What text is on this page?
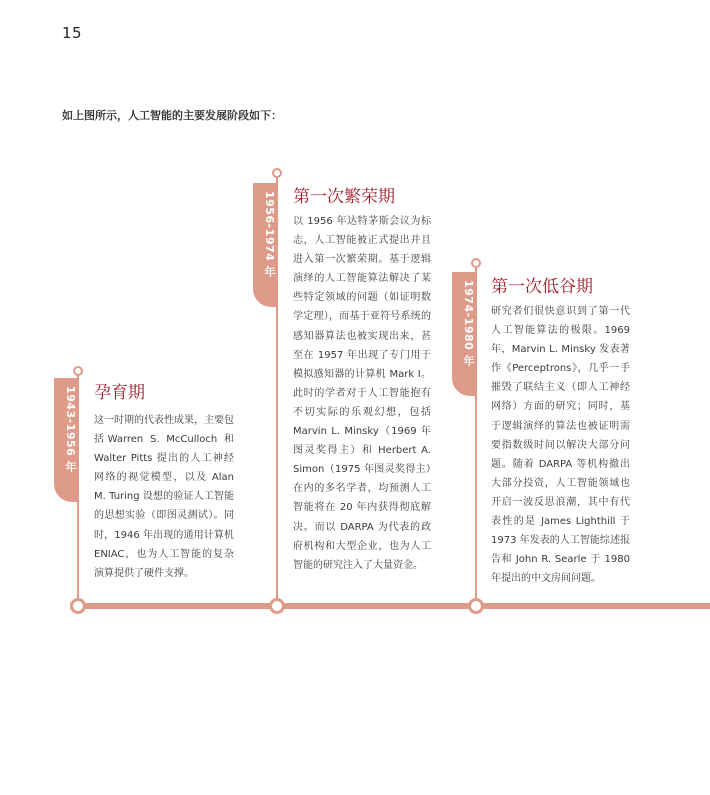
15
如上图所示，人工智能的主要发展阶段如下：
1943-1956 年 孕育期
这一时期的代表性成果，主要包括Warren S. McCulloch 和 Walter Pitts 提出的人工神经网络的视觉模型，以及 Alan M. Turing 设想的验证人工智能的思想实验（即图灵测试）。同时，1946 年出现的通用计算机 ENIAC，也为人工智能的复杂演算提供了硬件支撑。
1956-1974 年 第一次繁荣期
以 1956 年达特茅斯会议为标志，人工智能被正式提出并且进入第一次繁荣期。基于逻辑演绎的人工智能算法解决了某些特定领域的问题（如证明数学定理），而基于亚符号系统的感知器算法也被实现出来，甚至在 1957 年出现了专门用于模拟感知器的计算机 Mark I。此时的学者对于人工智能抱有不切实际的乐观幻想，包括 Marvin L. Minsky（1969 年图灵奖得主）和 Herbert A. Simon（1975 年图灵奖得主）在内的多名学者，均预测人工智能将在 20 年内获得彻底解决。而以 DARPA 为代表的政府机构和大型企业，也为人工智能的研究注入了大量资金。
1974-1980 年 第一次低谷期
研究者们很快意识到了第一代人工智能算法的极限。1969 年，Marvin L. Minsky 发表著作《Perceptrons》，几乎一手摧毁了联结主义（即人工神经网络）方面的研究；同时，基于逻辑演绎的算法也被证明需要指数级时间以解决大部分问题。随着 DARPA 等机构撤出大部分投资，人工智能领域也开启一波反思浪潮，其中有代表性的是 James Lighthill 于 1973 年发表的人工智能综述报告和 John R. Searle 于 1980 年提出的中文房间问题。
